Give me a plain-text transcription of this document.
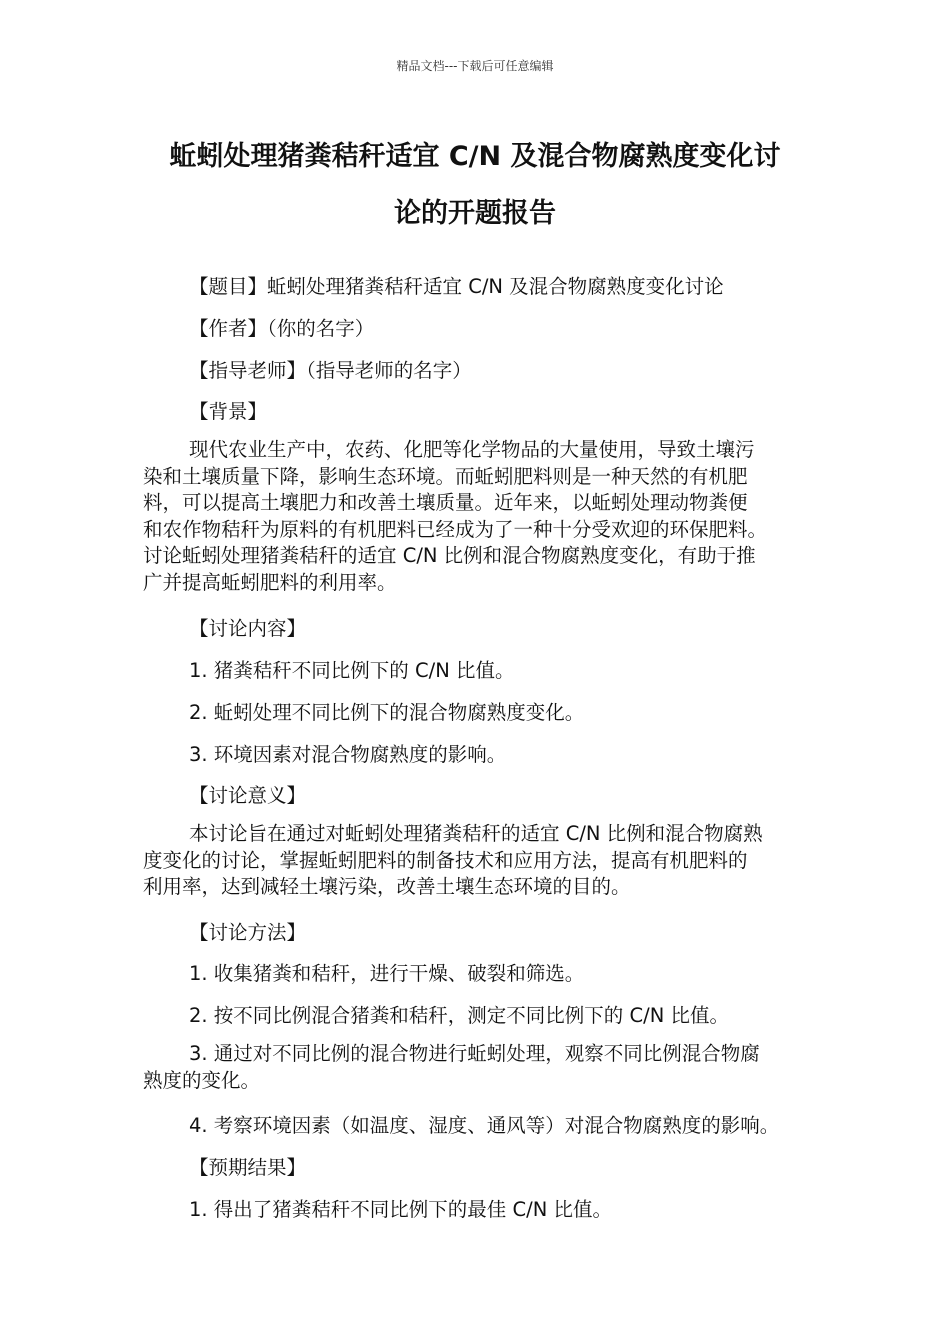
精品文档---下载后可任意编辑
蚯蚓处理猪粪秸秆适宜 C/N 及混合物腐熟度变化讨
论的开题报告
【题目】蚯蚓处理猪粪秸秆适宜 C/N 及混合物腐熟度变化讨论
【作者】（你的名字）
【指导老师】（指导老师的名字）
【背景】
现代农业生产中，农药、化肥等化学物品的大量使用，导致土壤污
染和土壤质量下降，影响生态环境。而蚯蚓肥料则是一种天然的有机肥
料，可以提高土壤肥力和改善土壤质量。近年来，以蚯蚓处理动物粪便
和农作物秸秆为原料的有机肥料已经成为了一种十分受欢迎的环保肥料。
讨论蚯蚓处理猪粪秸秆的适宜 C/N 比例和混合物腐熟度变化，有助于推
广并提高蚯蚓肥料的利用率。
【讨论内容】
1. 猪粪秸秆不同比例下的 C/N 比值。
2. 蚯蚓处理不同比例下的混合物腐熟度变化。
3. 环境因素对混合物腐熟度的影响。
【讨论意义】
本讨论旨在通过对蚯蚓处理猪粪秸秆的适宜 C/N 比例和混合物腐熟
度变化的讨论，掌握蚯蚓肥料的制备技术和应用方法，提高有机肥料的
利用率，达到减轻土壤污染，改善土壤生态环境的目的。
【讨论方法】
1. 收集猪粪和秸秆，进行干燥、破裂和筛选。
2. 按不同比例混合猪粪和秸秆，测定不同比例下的 C/N 比值。
3. 通过对不同比例的混合物进行蚯蚓处理，观察不同比例混合物腐
熟度的变化。
4. 考察环境因素（如温度、湿度、通风等）对混合物腐熟度的影响。
【预期结果】
1. 得出了猪粪秸秆不同比例下的最佳 C/N 比值。
